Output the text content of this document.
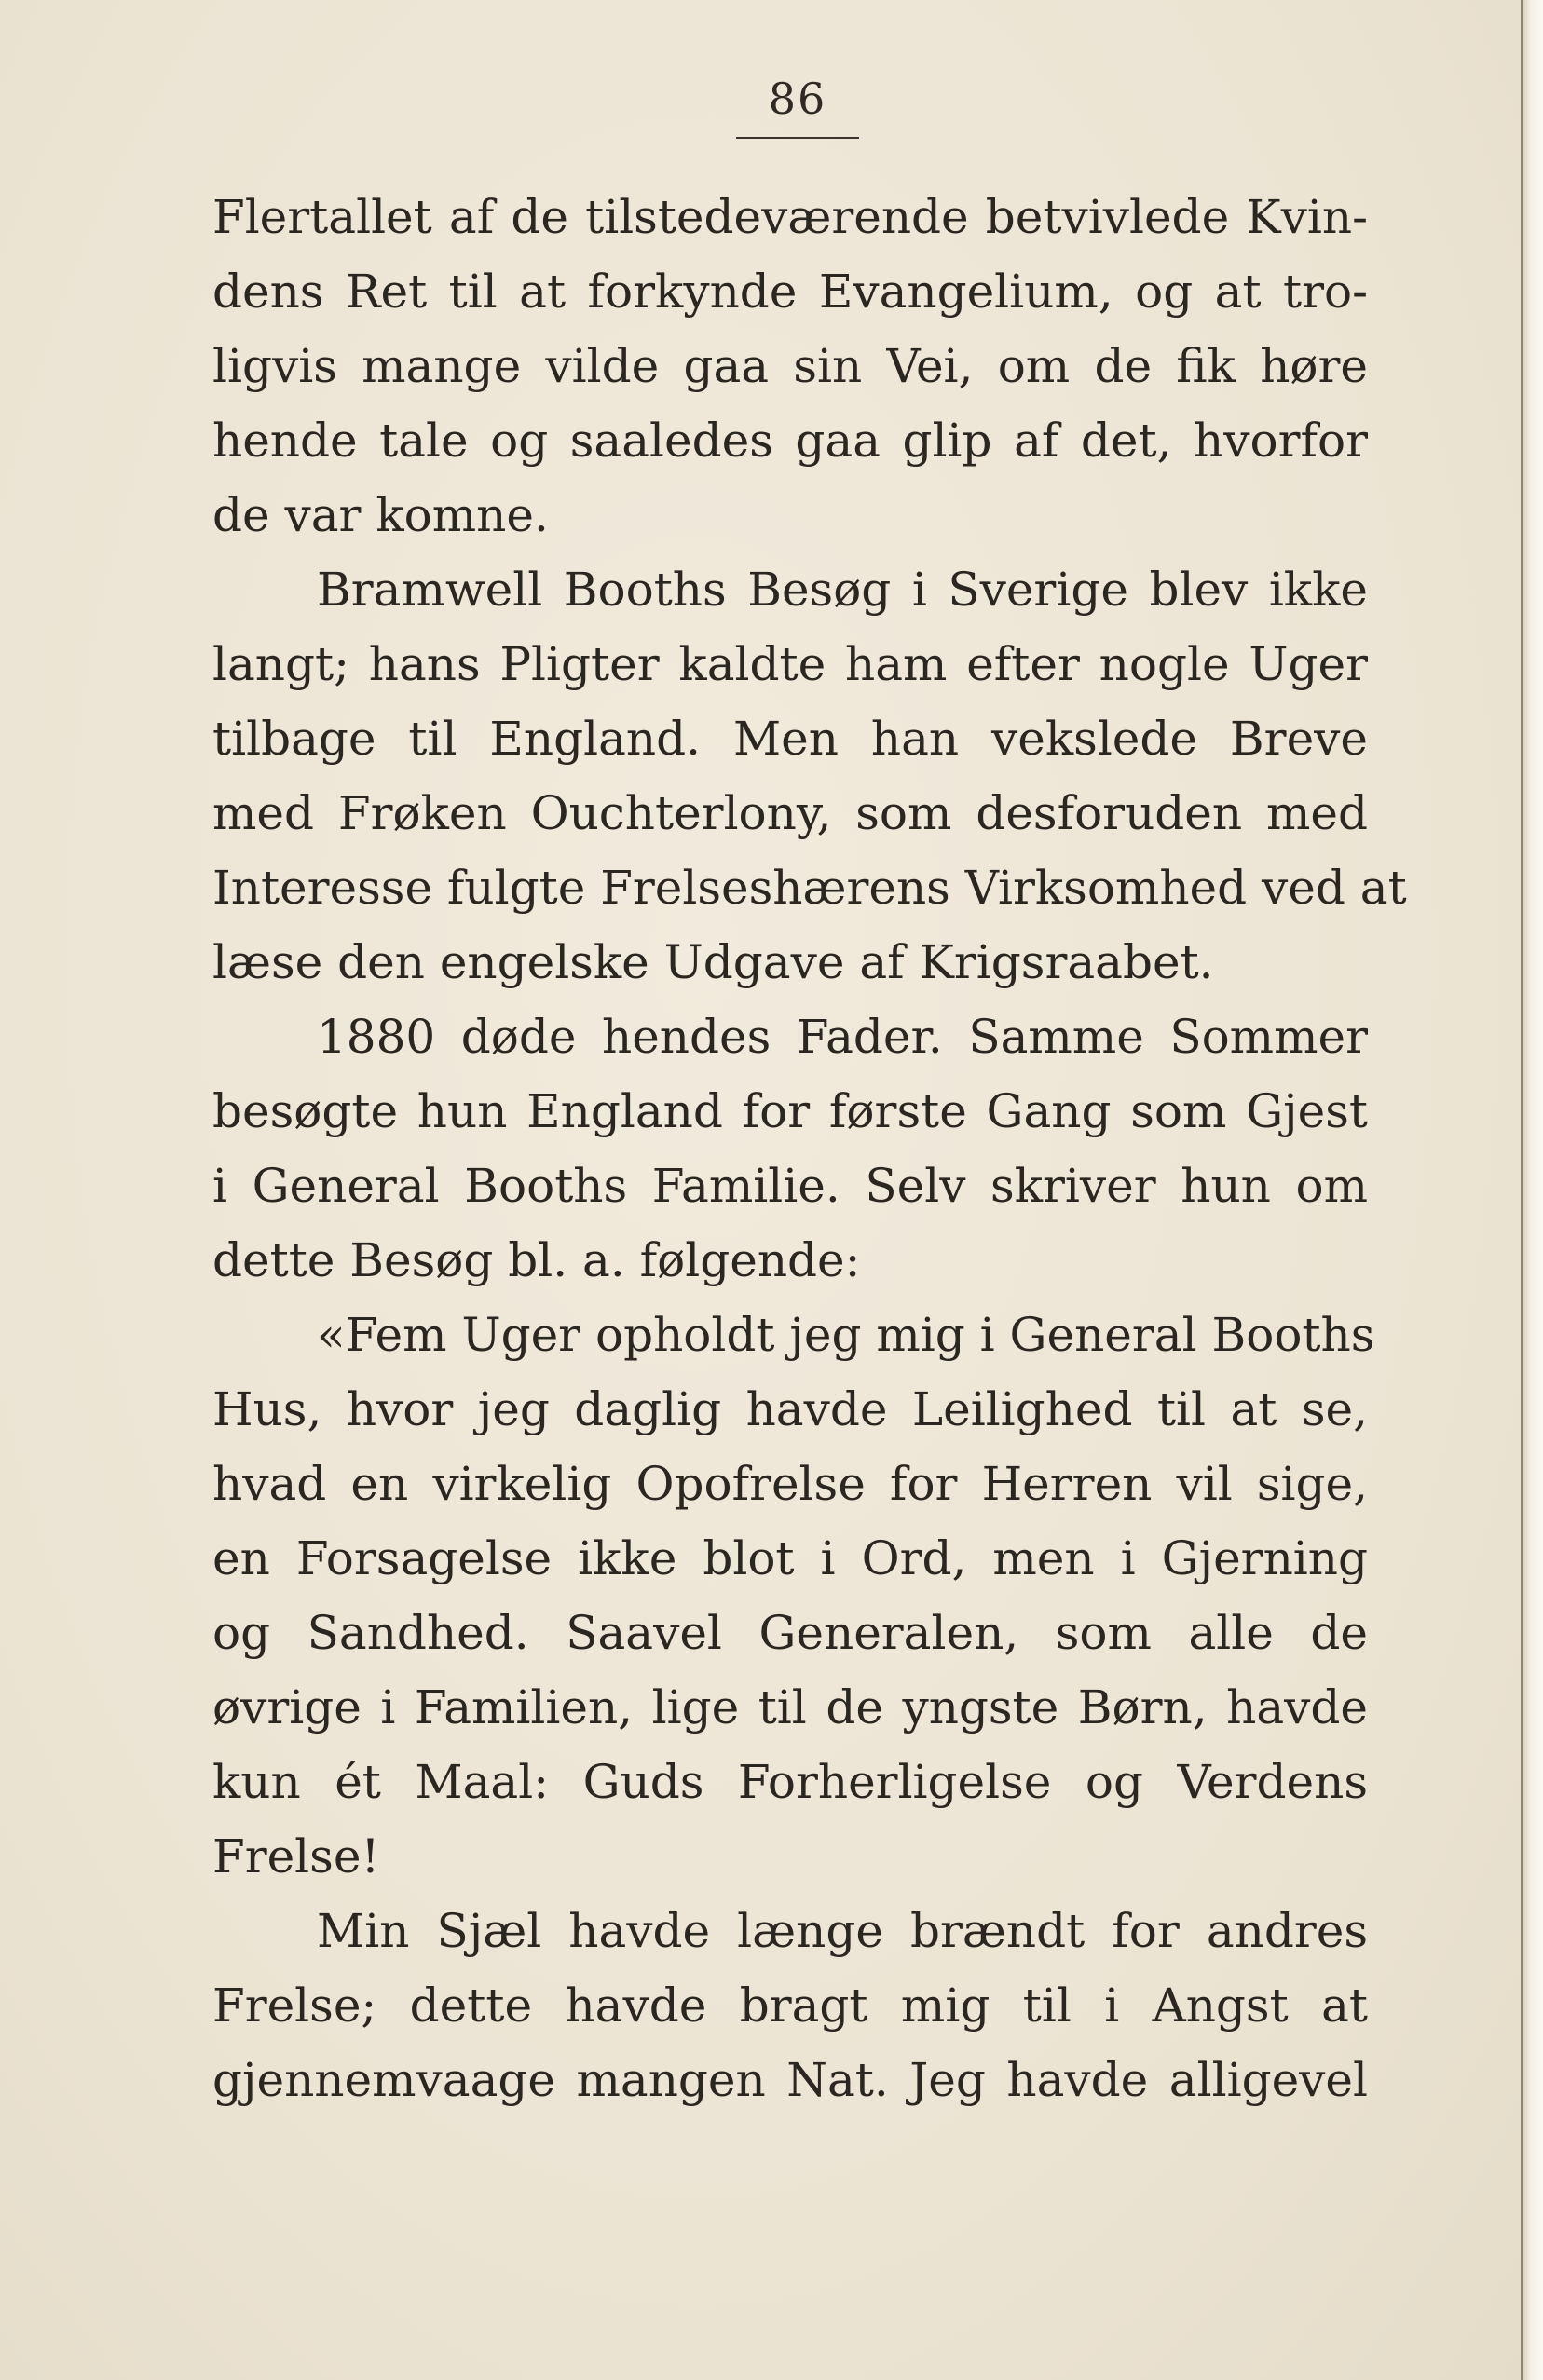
86
Flertallet af de tilstedeværende betvivlede Kvin-
dens Ret til at forkynde Evangelium, og at tro-
ligvis mange vilde gaa sin Vei, om de fik høre
hende tale og saaledes gaa glip af det, hvorfor
de var komne.
Bramwell Booths Besøg i Sverige blev ikke
langt; hans Pligter kaldte ham efter nogle Uger
tilbage til England. Men han vekslede Breve
med Frøken Ouchterlony, som desforuden med
Interesse fulgte Frelseshærens Virksomhed ved at
læse den engelske Udgave af Krigsraabet.
1880 døde hendes Fader. Samme Sommer
besøgte hun England for første Gang som Gjest
i General Booths Familie. Selv skriver hun om
dette Besøg bl. a. følgende:
«Fem Uger opholdt jeg mig i General Booths
Hus, hvor jeg daglig havde Leilighed til at se,
hvad en virkelig Opofrelse for Herren vil sige,
en Forsagelse ikke blot i Ord, men i Gjerning
og Sandhed. Saavel Generalen, som alle de
øvrige i Familien, lige til de yngste Børn, havde
kun ét Maal: Guds Forherligelse og Verdens
Frelse!
Min Sjæl havde længe brændt for andres
Frelse; dette havde bragt mig til i Angst at
gjennemvaage mangen Nat. Jeg havde alligevel
